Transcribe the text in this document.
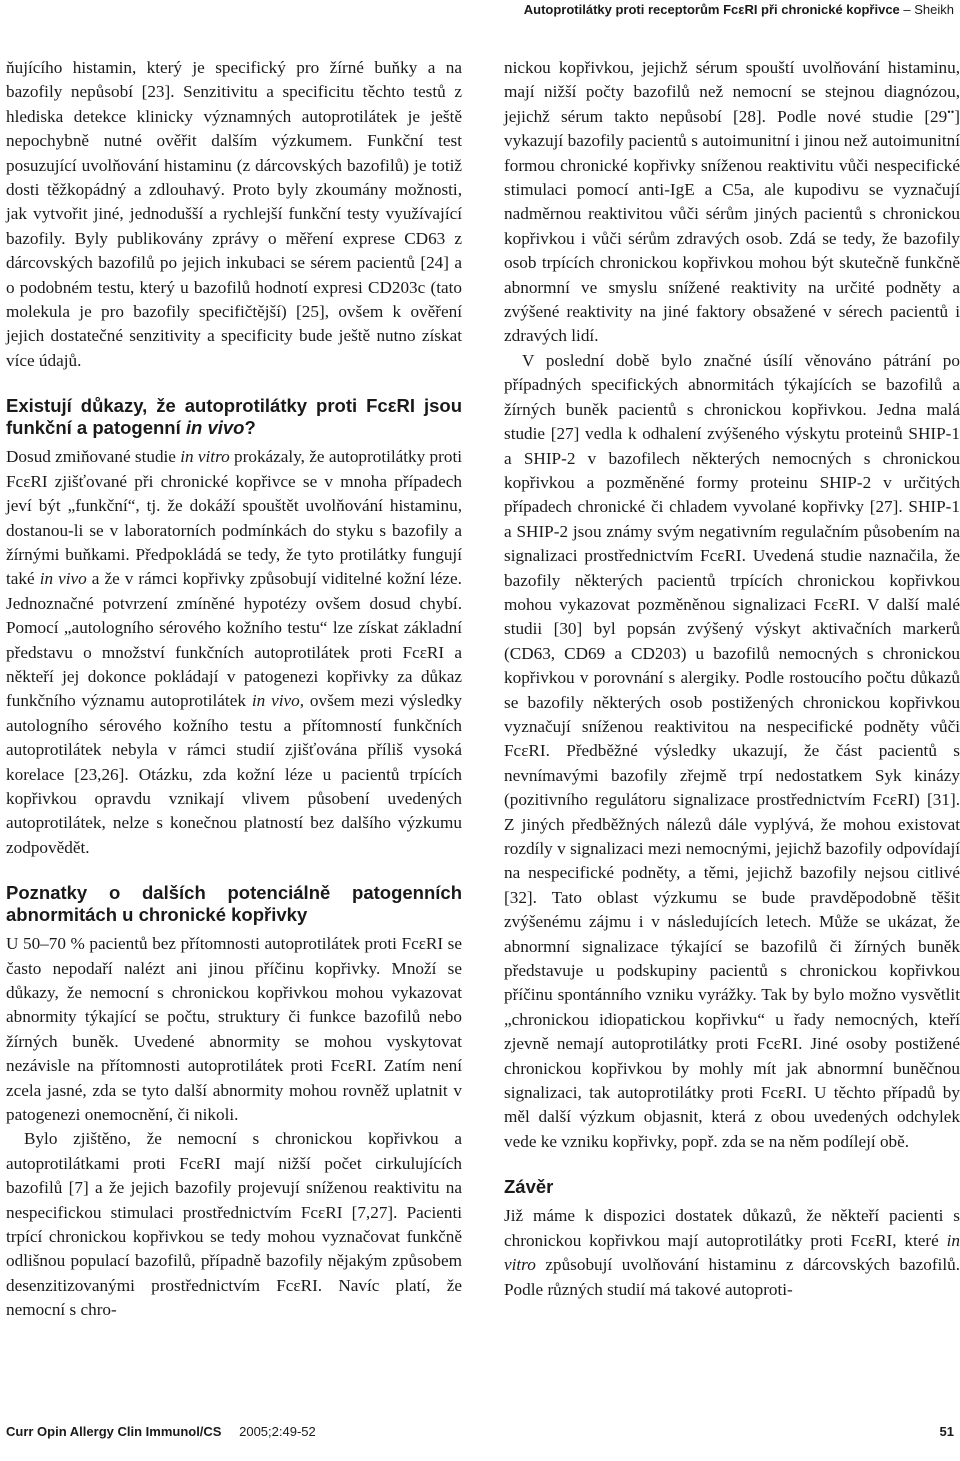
Autoprotilátky proti receptorům FcεRI při chronické kopřivce – Sheikh

ňujícího histamin, který je specifický pro žírné buňky a na bazofily nepůsobí [23]. Senzitivitu a specificitu těchto testů z hlediska detekce klinicky významných autoprotilátek je ještě nepochybně nutné ověřit dalším výzkumem. Funkční test posuzující uvolňování histaminu (z dárcovských bazofilů) je totiž dosti těžkopádný a zdlouhavý. Proto byly zkoumány možnosti, jak vytvořit jiné, jednodušší a rychlejší funkční testy využívající bazofily. Byly publikovány zprávy o měření exprese CD63 z dárcovských bazofilů po jejich inkubaci se sérem pacientů [24] a o podobném testu, který u bazofilů hodnotí expresi CD203c (tato molekula je pro bazofily specifičtější) [25], ovšem k ověření jejich dostatečné senzitivity a specificity bude ještě nutno získat více údajů.

Existují důkazy, že autoprotilátky proti FcεRI jsou funkční a patogenní in vivo?

Dosud zmiňované studie in vitro prokázaly, že autoprotilátky proti FcεRI zjišťované při chronické kopřivce se v mnoha případech jeví být „funkční“, tj. že dokáží spouštět uvolňování histaminu, dostanou-li se v laboratorních podmínkách do styku s bazofily a žírnými buňkami. Předpokládá se tedy, že tyto protilátky fungují také in vivo a že v rámci kopřivky způsobují viditelné kožní léze. Jednoznačné potvrzení zmíněné hypotézy ovšem dosud chybí. Pomocí „autologního sérového kožního testu“ lze získat základní představu o množství funkčních autoprotilátek proti FcεRI a někteří jej dokonce pokládají v patogenezi kopřivky za důkaz funkčního významu autoprotilátek in vivo, ovšem mezi výsledky autologního sérového kožního testu a přítomností funkčních autoprotilátek nebyla v rámci studií zjišťována příliš vysoká korelace [23,26]. Otázku, zda kožní léze u pacientů trpících kopřivkou opravdu vznikají vlivem působení uvedených autoprotilátek, nelze s konečnou platností bez dalšího výzkumu zodpovědět.

Poznatky o dalších potenciálně patogenních abnormitách u chronické kopřivky

U 50–70 % pacientů bez přítomnosti autoprotilátek proti FcεRI se často nepodaří nalézt ani jinou příčinu kopřivky. Množí se důkazy, že nemocní s chronickou kopřivkou mohou vykazovat abnormity týkající se počtu, struktury či funkce bazofilů nebo žírných buněk. Uvedené abnormity se mohou vyskytovat nezávisle na přítomnosti autoprotilátek proti FcεRI. Zatím není zcela jasné, zda se tyto další abnormity mohou rovněž uplatnit v patogenezi onemocnění, či nikoli.

Bylo zjištěno, že nemocní s chronickou kopřivkou a autoprotilátkami proti FcεRI mají nižší počet cirkulujících bazofilů [7] a že jejich bazofily projevují sníženou reaktivitu na nespecifickou stimulaci prostřednictvím FcεRI [7,27]. Pacienti trpící chronickou kopřivkou se tedy mohou vyznačovat funkčně odlišnou populací bazofilů, případně bazofily nějakým způsobem desenzitizovanými prostřednictvím FcεRI. Navíc platí, že nemocní s chro-

nickou kopřivkou, jejichž sérum spouští uvolňování histaminu, mají nižší počty bazofilů než nemocní se stejnou diagnózou, jejichž sérum takto nepůsobí [28]. Podle nové studie [29••] vykazují bazofily pacientů s autoimunitní i jinou než autoimunitní formou chronické kopřivky sníženou reaktivitu vůči nespecifické stimulaci pomocí anti-IgE a C5a, ale kupodivu se vyznačují nadměrnou reaktivitou vůči sérům jiných pacientů s chronickou kopřivkou i vůči sérům zdravých osob. Zdá se tedy, že bazofily osob trpících chronickou kopřivkou mohou být skutečně funkčně abnormní ve smyslu snížené reaktivity na určité podněty a zvýšené reaktivity na jiné faktory obsažené v sérech pacientů i zdravých lidí.

V poslední době bylo značné úsílí věnováno pátrání po případných specifických abnormitách týkajících se bazofilů a žírných buněk pacientů s chronickou kopřivkou. Jedna malá studie [27] vedla k odhalení zvýšeného výskytu proteinů SHIP-1 a SHIP-2 v bazofilech některých nemocných s chronickou kopřivkou a pozměněné formy proteinu SHIP-2 v určitých případech chronické či chladem vyvolané kopřivky [27]. SHIP-1 a SHIP-2 jsou známy svým negativním regulačním působením na signalizaci prostřednictvím FcεRI. Uvedená studie naznačila, že bazofily některých pacientů trpících chronickou kopřivkou mohou vykazovat pozměněnou signalizaci FcεRI. V další malé studii [30] byl popsán zvýšený výskyt aktivačních markerů (CD63, CD69 a CD203) u bazofilů nemocných s chronickou kopřivkou v porovnání s alergiky. Podle rostoucího počtu důkazů se bazofily některých osob postižených chronickou kopřivkou vyznačují sníženou reaktivitou na nespecifické podněty vůči FcεRI. Předběžné výsledky ukazují, že část pacientů s nevnímavými bazofily zřejmě trpí nedostatkem Syk kinázy (pozitivního regulátoru signalizace prostřednictvím FcεRI) [31]. Z jiných předběžných nálezů dále vyplývá, že mohou existovat rozdíly v signalizaci mezi nemocnými, jejichž bazofily odpovídají na nespecifické podněty, a těmi, jejichž bazofily nejsou citlivé [32]. Tato oblast výzkumu se bude pravděpodobně těšit zvýšenému zájmu i v následujících letech. Může se ukázat, že abnormní signalizace týkající se bazofilů či žírných buněk představuje u podskupiny pacientů s chronickou kopřivkou příčinu spontánního vzniku vyrážky. Tak by bylo možno vysvětlit „chronickou idiopatickou kopřivku“ u řady nemocných, kteří zjevně nemají autoprotilátky proti FcεRI. Jiné osoby postižené chronickou kopřivkou by mohly mít jak abnormní buněčnou signalizaci, tak autoprotilátky proti FcεRI. U těchto případů by měl další výzkum objasnit, která z obou uvedených odchylek vede ke vzniku kopřivky, popř. zda se na něm podílejí obě.

Závěr

Již máme k dispozici dostatek důkazů, že někteří pacienti s chronickou kopřivkou mají autoprotilátky proti FcεRI, které in vitro způsobují uvolňování histaminu z dárcovských bazofilů. Podle různých studií má takové autoproti-

Curr Opin Allergy Clin Immunol/CS 2005;2:49-52	51
